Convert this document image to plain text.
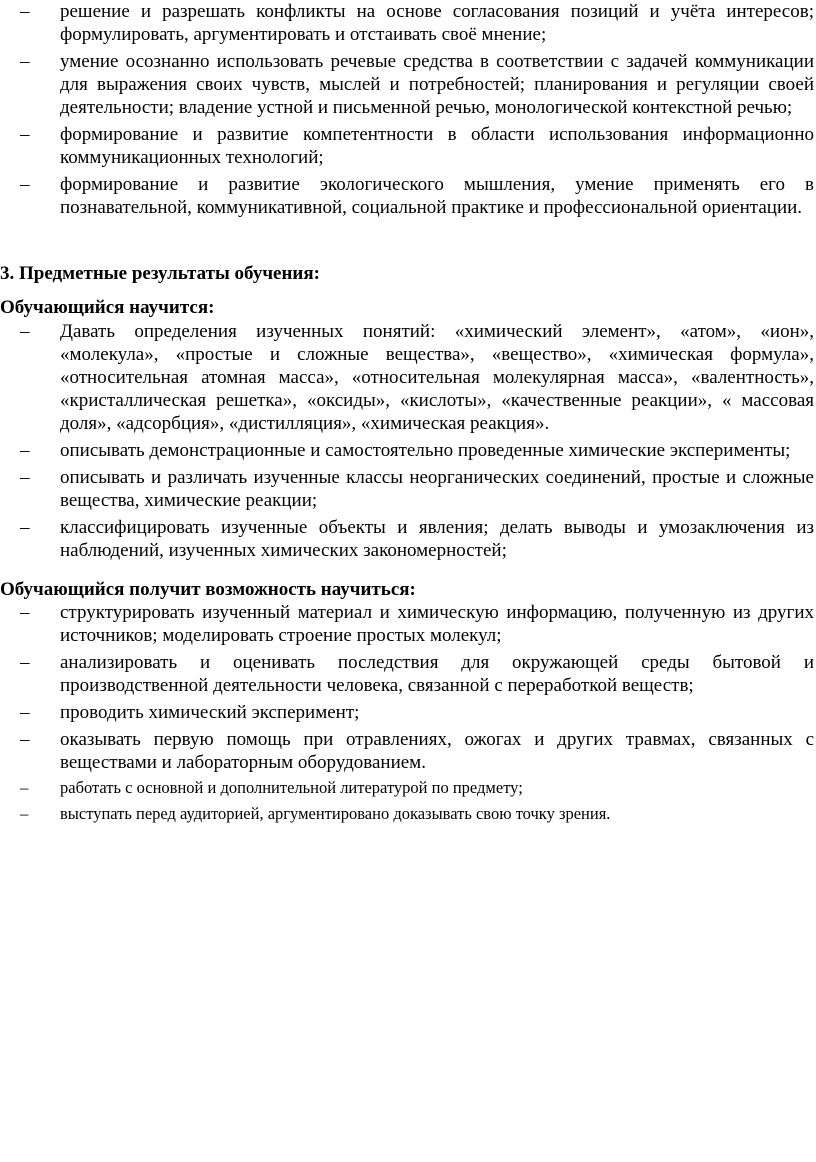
– решение и разрешать конфликты на основе согласования позиций и учёта интересов; формулировать, аргументировать и отстаивать своё мнение;
– умение осознанно использовать речевые средства в соответствии с задачей коммуникации для выражения своих чувств, мыслей и потребностей; планирования и регуляции своей деятельности; владение устной и письменной речью, монологической контекстной речью;
– формирование и развитие компетентности в области использования информационно коммуникационных технологий;
– формирование и развитие экологического мышления, умение применять его в познавательной, коммуникативной, социальной практике и профессиональной ориентации.

3. Предметные результаты обучения:

Обучающийся научится:

– Давать определения изученных понятий: «химический элемент», «атом», «ион», «молекула», «простые и сложные вещества», «вещество», «химическая формула», «относительная атомная масса», «относительная молекулярная масса», «валентность», «кристаллическая решетка», «оксиды», «кислоты», «качественные реакции», « массовая доля», «адсорбция», «дистилляция», «химическая реакция».
– описывать демонстрационные и самостоятельно проведенные химические эксперименты;
– описывать и различать изученные классы неорганических соединений, простые и сложные вещества, химические реакции;
– классифицировать изученные объекты и явления; делать выводы и умозаключения из наблюдений, изученных химических закономерностей;

Обучающийся получит возможность научиться:

– структурировать изученный материал и химическую информацию, полученную из других источников; моделировать строение простых молекул;
– анализировать и оценивать последствия для окружающей среды бытовой и производственной деятельности человека, связанной с переработкой веществ;
– проводить химический эксперимент;
– оказывать первую помощь при отравлениях, ожогах и других травмах, связанных с веществами и лабораторным оборудованием.
– работать с основной и дополнительной литературой по предмету;
– выступать перед аудиторией, аргументировано доказывать свою точку зрения.
